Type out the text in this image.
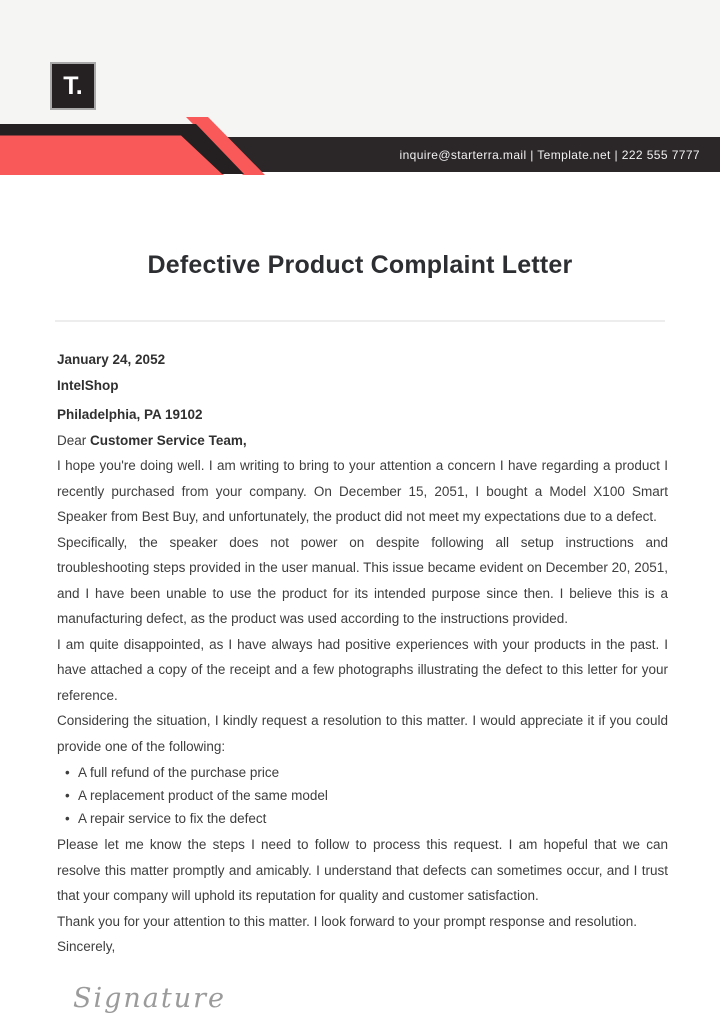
T.
inquire@starterra.mail | Template.net | 222 555 7777
Defective Product Complaint Letter

January 24, 2052

IntelShop

Philadelphia, PA 19102

Dear Customer Service Team,

I hope you're doing well. I am writing to bring to your attention a concern I have regarding a product I recently purchased from your company. On December 15, 2051, I bought a Model X100 Smart Speaker from Best Buy, and unfortunately, the product did not meet my expectations due to a defect.

Specifically, the speaker does not power on despite following all setup instructions and troubleshooting steps provided in the user manual. This issue became evident on December 20, 2051, and I have been unable to use the product for its intended purpose since then. I believe this is a manufacturing defect, as the product was used according to the instructions provided.

I am quite disappointed, as I have always had positive experiences with your products in the past. I have attached a copy of the receipt and a few photographs illustrating the defect to this letter for your reference.

Considering the situation, I kindly request a resolution to this matter. I would appreciate it if you could provide one of the following:

• A full refund of the purchase price
• A replacement product of the same model
• A repair service to fix the defect

Please let me know the steps I need to follow to process this request. I am hopeful that we can resolve this matter promptly and amicably. I understand that defects can sometimes occur, and I trust that your company will uphold its reputation for quality and customer satisfaction.

Thank you for your attention to this matter. I look forward to your prompt response and resolution.

Sincerely,

Signature
